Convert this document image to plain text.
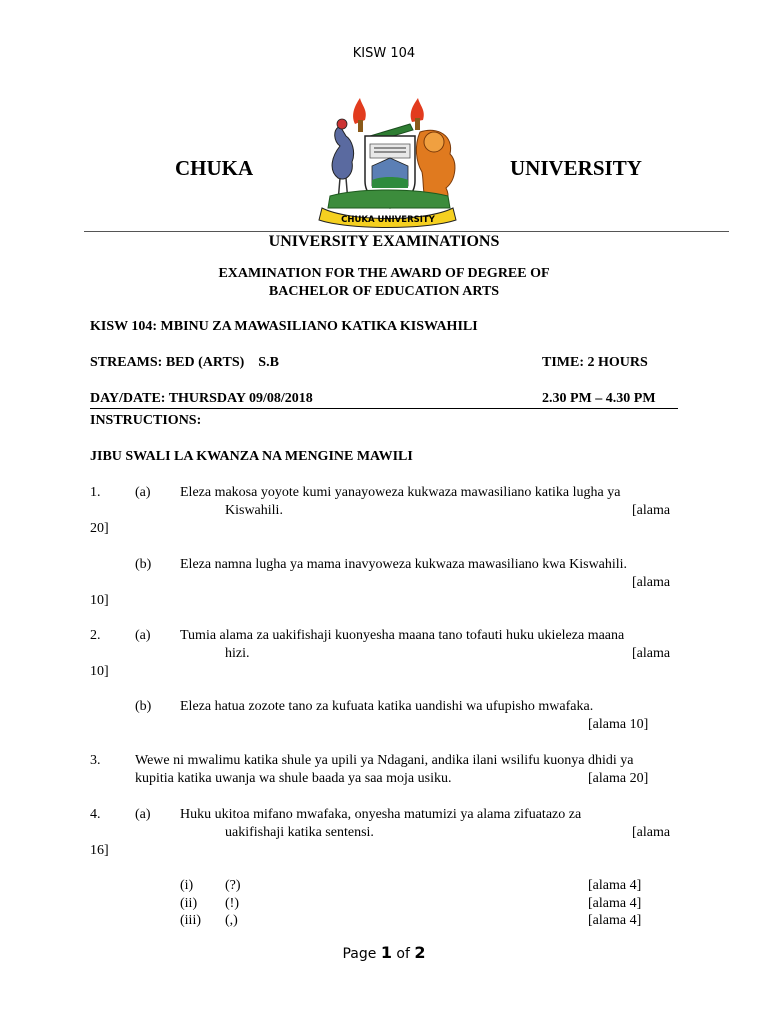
KISW 104
CHUKA	UNIVERSITY
CHUKA UNIVERSITY
UNIVERSITY EXAMINATIONS
EXAMINATION FOR THE AWARD OF DEGREE OF
BACHELOR OF EDUCATION ARTS
KISW 104: MBINU ZA MAWASILIANO KATIKA KISWAHILI
STREAMS: BED (ARTS)    S.B	TIME: 2 HOURS
DAY/DATE: THURSDAY 09/08/2018	2.30 PM – 4.30 PM
INSTRUCTIONS:
JIBU SWALI LA KWANZA NA MENGINE MAWILI
1. (a) Eleza makosa yoyote kumi yanayoweza kukwaza mawasiliano katika lugha ya
Kiswahili.	[alama
20]
(b) Eleza namna lugha ya mama inavyoweza kukwaza mawasiliano kwa Kiswahili.
[alama
10]
2. (a) Tumia alama za uakifishaji kuonyesha maana tano tofauti huku ukieleza maana
hizi.	[alama
10]
(b) Eleza hatua zozote tano za kufuata katika uandishi wa ufupisho mwafaka.
[alama 10]
3. Wewe ni mwalimu katika shule ya upili ya Ndagani, andika ilani wsilifu kuonya dhidi ya
kupitia katika uwanja wa shule baada ya saa moja usiku.	[alama 20]
4. (a) Huku ukitoa mifano mwafaka, onyesha matumizi ya alama zifuatazo za
uakifishaji katika sentensi.	[alama
16]
(i) (?)	[alama 4]
(ii) (!)	[alama 4]
(iii) (,)	[alama 4]
Page 1 of 2
